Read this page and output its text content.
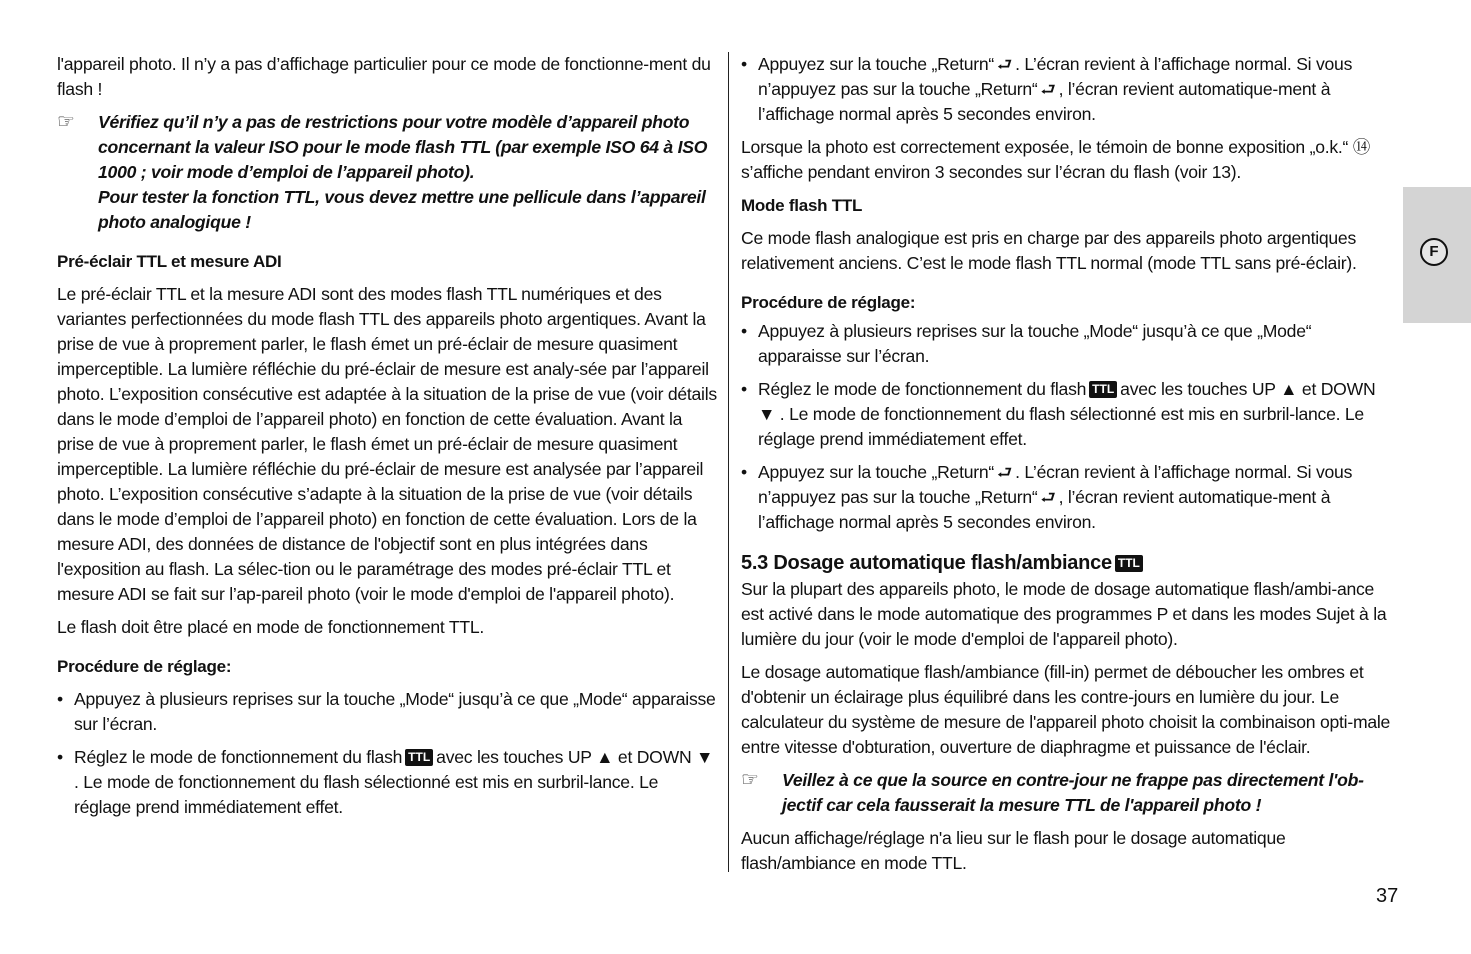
l'appareil photo. Il n’y a pas d’affichage particulier pour ce mode de fonctionne-ment du flash !

☞ Vérifiez qu’il n’y a pas de restrictions pour votre modèle d’appareil photo concernant la valeur ISO pour le mode flash TTL (par exemple ISO 64 à ISO 1000 ; voir mode d’emploi de l’appareil photo).
Pour tester la fonction TTL, vous devez mettre une pellicule dans l’appareil photo analogique !

Pré-éclair TTL et mesure ADI

Le pré-éclair TTL et la mesure ADI sont des modes flash TTL numériques et des variantes perfectionnées du mode flash TTL des appareils photo argentiques. Avant la prise de vue à proprement parler, le flash émet un pré-éclair de mesure quasiment imperceptible. La lumière réfléchie du pré-éclair de mesure est analy-sée par l’appareil photo. L’exposition consécutive est adaptée à la situation de la prise de vue (voir détails dans le mode d’emploi de l’appareil photo) en fonction de cette évaluation. Avant la prise de vue à proprement parler, le flash émet un pré-éclair de mesure quasiment imperceptible. La lumière réfléchie du pré-éclair de mesure est analysée par l’appareil photo. L’exposition consécutive s’adapte à la situation de la prise de vue (voir détails dans le mode d’emploi de l’appareil photo) en fonction de cette évaluation. Lors de la mesure ADI, des données de distance de l'objectif sont en plus intégrées dans l'exposition au flash. La sélec-tion ou le paramétrage des modes pré-éclair TTL et mesure ADI se fait sur l’ap-pareil photo (voir le mode d'emploi de l'appareil photo).

Le flash doit être placé en mode de fonctionnement TTL.

Procédure de réglage:

• Appuyez à plusieurs reprises sur la touche „Mode“ jusqu’à ce que „Mode“ apparaisse sur l’écran.
• Réglez le mode de fonctionnement du flash TTL avec les touches UP ▲ et DOWN ▼ . Le mode de fonctionnement du flash sélectionné est mis en surbril-lance. Le réglage prend immédiatement effet.
• Appuyez sur la touche „Return“ ⮐ . L’écran revient à l’affichage normal. Si vous n’appuyez pas sur la touche „Return“ ⮐ , l’écran revient automatique-ment à l’affichage normal après 5 secondes environ.

Lorsque la photo est correctement exposée, le témoin de bonne exposition „o.k.“ ⑭ s’affiche pendant environ 3 secondes sur l’écran du flash (voir 13).

Mode flash TTL

Ce mode flash analogique est pris en charge par des appareils photo argentiques relativement anciens. C’est le mode flash TTL normal (mode TTL sans pré-éclair).

Procédure de réglage:

• Appuyez à plusieurs reprises sur la touche „Mode“ jusqu’à ce que „Mode“ apparaisse sur l’écran.
• Réglez le mode de fonctionnement du flash TTL avec les touches UP ▲ et DOWN ▼ . Le mode de fonctionnement du flash sélectionné est mis en surbril-lance. Le réglage prend immédiatement effet.
• Appuyez sur la touche „Return“ ⮐ . L’écran revient à l’affichage normal. Si vous n’appuyez pas sur la touche „Return“ ⮐ , l’écran revient automatique-ment à l’affichage normal après 5 secondes environ.

5.3 Dosage automatique flash/ambiance TTL

Sur la plupart des appareils photo, le mode de dosage automatique flash/ambi-ance est activé dans le mode automatique des programmes P et dans les modes Sujet à la lumière du jour (voir le mode d'emploi de l'appareil photo).

Le dosage automatique flash/ambiance (fill-in) permet de déboucher les ombres et d'obtenir un éclairage plus équilibré dans les contre-jours en lumière du jour. Le calculateur du système de mesure de l'appareil photo choisit la combinaison opti-male entre vitesse d'obturation, ouverture de diaphragme et puissance de l'éclair.

☞ Veillez à ce que la source en contre-jour ne frappe pas directement l'ob-jectif car cela fausserait la mesure TTL de l'appareil photo !

Aucun affichage/réglage n'a lieu sur le flash pour le dosage automatique flash/ambiance en mode TTL.

F
37
